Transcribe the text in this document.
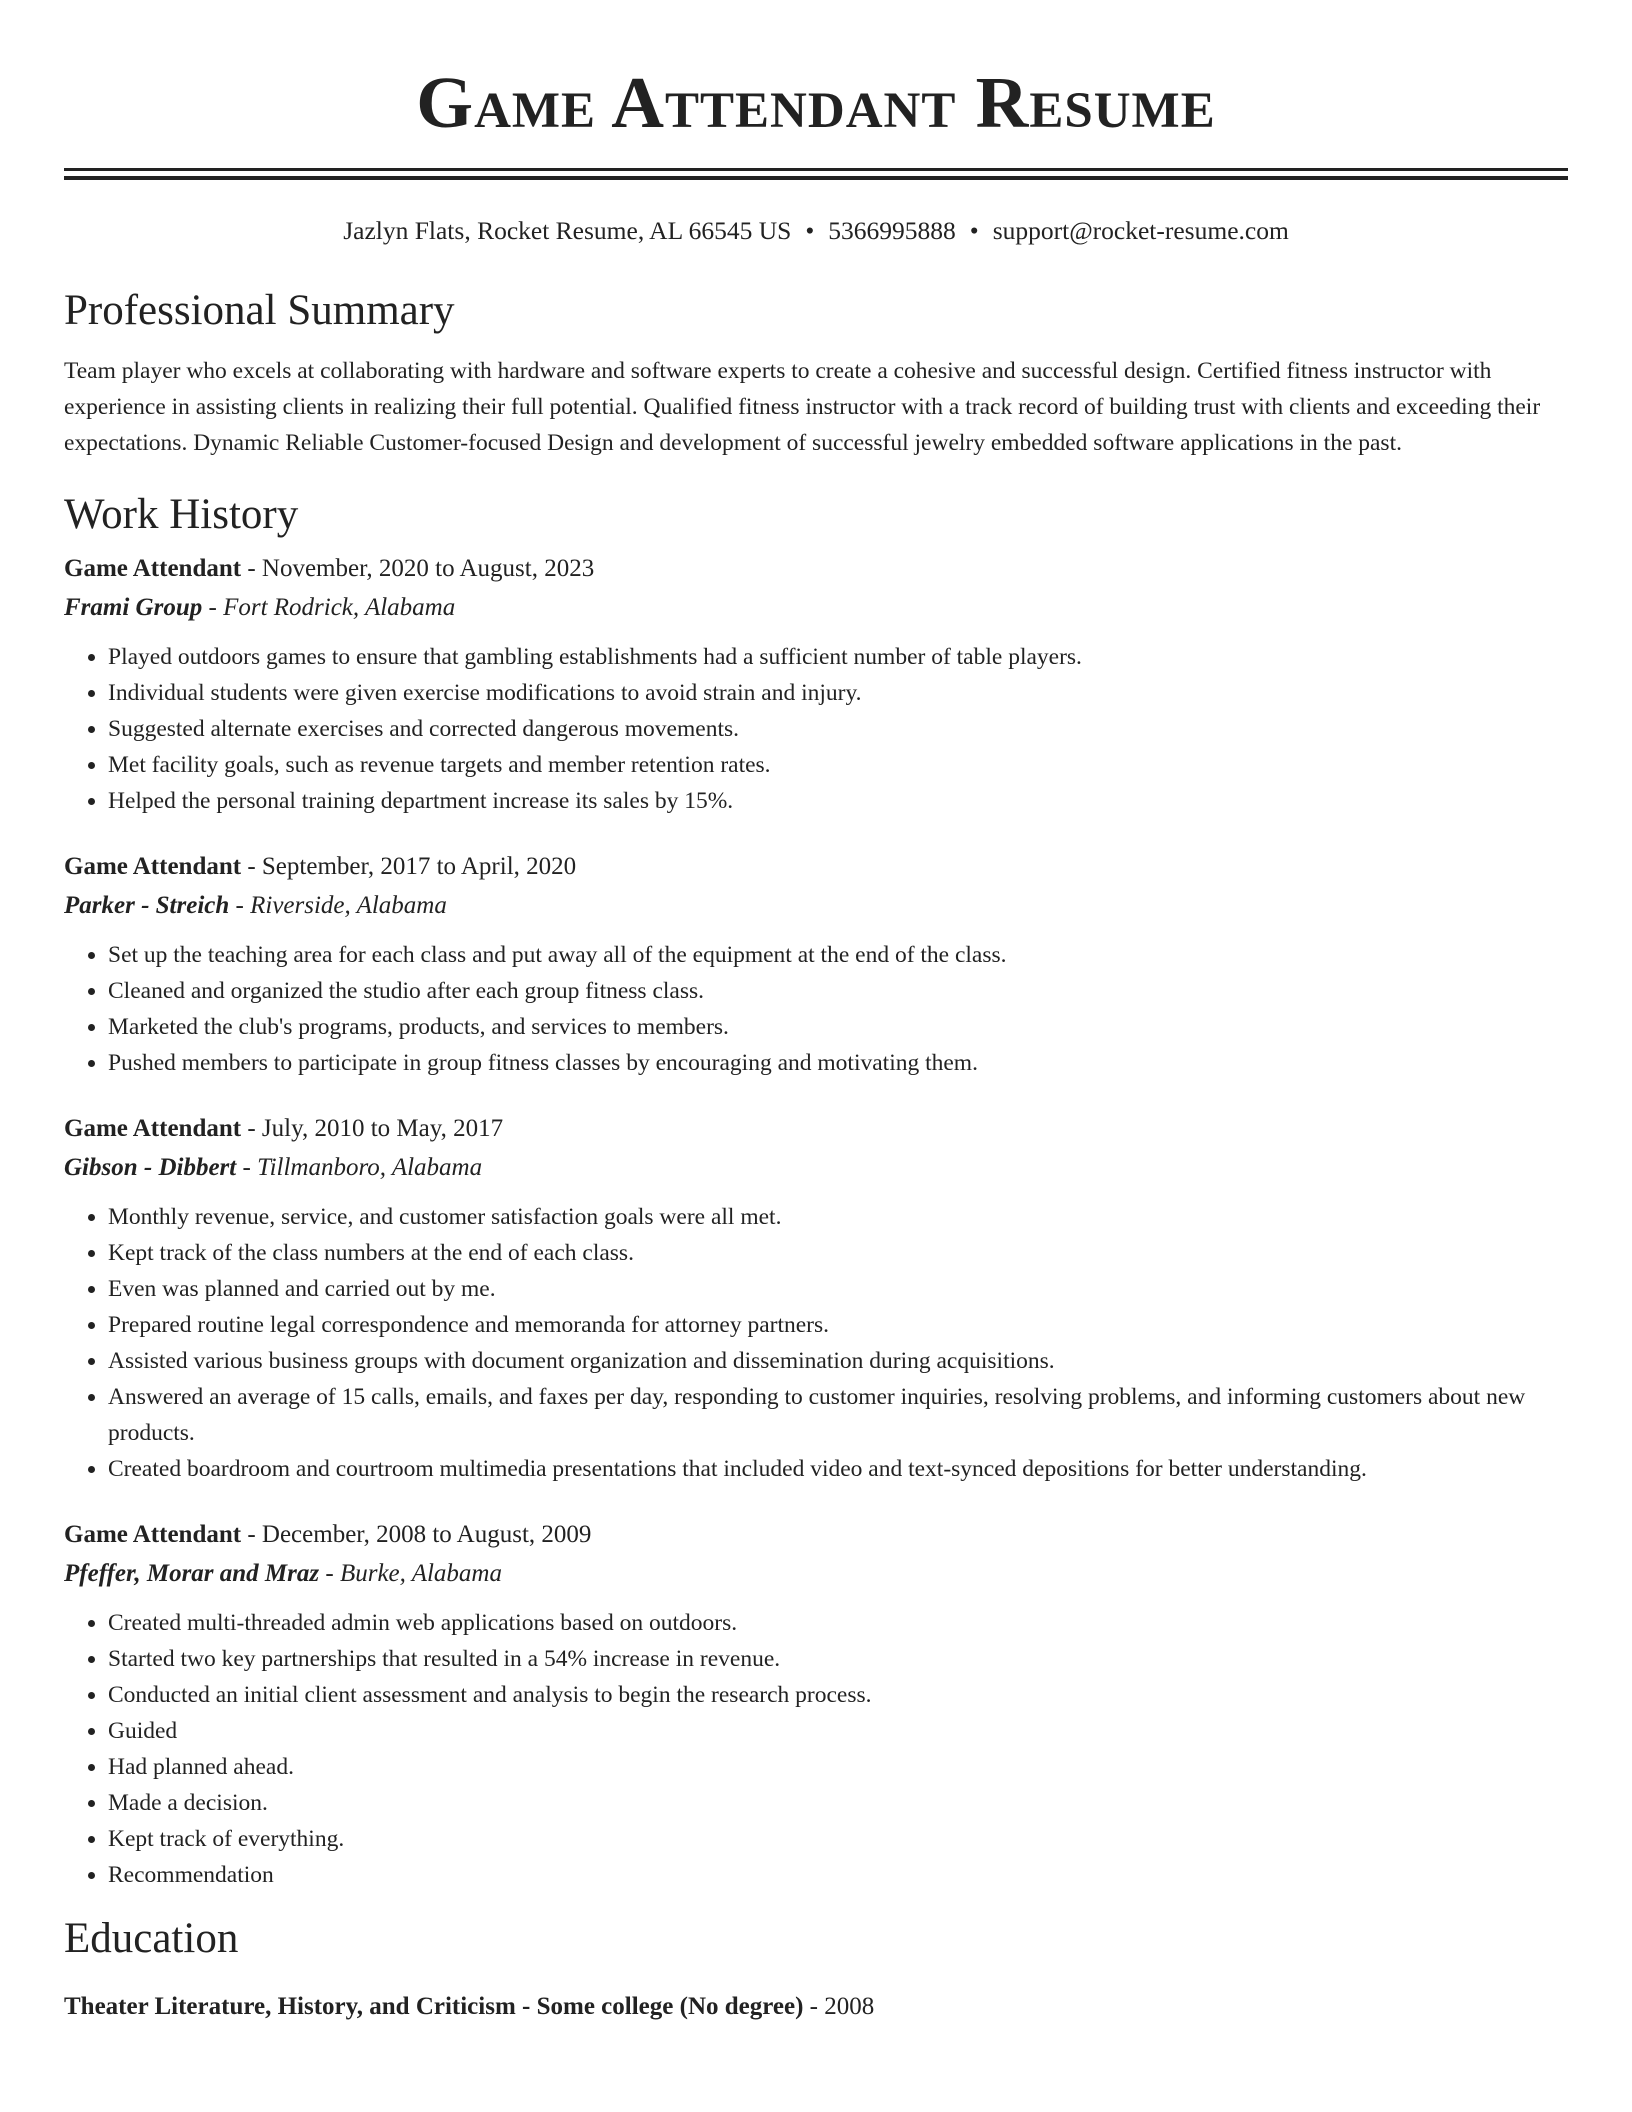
Game Attendant Resume
Jazlyn Flats, Rocket Resume, AL 66545 US • 5366995888 • support@rocket-resume.com
Professional Summary

Team player who excels at collaborating with hardware and software experts to create a cohesive and successful design. Certified fitness instructor with experience in assisting clients in realizing their full potential. Qualified fitness instructor with a track record of building trust with clients and exceeding their expectations. Dynamic Reliable Customer-focused Design and development of successful jewelry embedded software applications in the past.

Work History
Game Attendant - November, 2020 to August, 2023
Frami Group - Fort Rodrick, Alabama
• Played outdoors games to ensure that gambling establishments had a sufficient number of table players.
• Individual students were given exercise modifications to avoid strain and injury.
• Suggested alternate exercises and corrected dangerous movements.
• Met facility goals, such as revenue targets and member retention rates.
• Helped the personal training department increase its sales by 15%.
Game Attendant - September, 2017 to April, 2020
Parker - Streich - Riverside, Alabama
• Set up the teaching area for each class and put away all of the equipment at the end of the class.
• Cleaned and organized the studio after each group fitness class.
• Marketed the club's programs, products, and services to members.
• Pushed members to participate in group fitness classes by encouraging and motivating them.
Game Attendant - July, 2010 to May, 2017
Gibson - Dibbert - Tillmanboro, Alabama
• Monthly revenue, service, and customer satisfaction goals were all met.
• Kept track of the class numbers at the end of each class.
• Even was planned and carried out by me.
• Prepared routine legal correspondence and memoranda for attorney partners.
• Assisted various business groups with document organization and dissemination during acquisitions.
• Answered an average of 15 calls, emails, and faxes per day, responding to customer inquiries, resolving problems, and informing customers about new products.
• Created boardroom and courtroom multimedia presentations that included video and text-synced depositions for better understanding.
Game Attendant - December, 2008 to August, 2009
Pfeffer, Morar and Mraz - Burke, Alabama
• Created multi-threaded admin web applications based on outdoors.
• Started two key partnerships that resulted in a 54% increase in revenue.
• Conducted an initial client assessment and analysis to begin the research process.
• Guided
• Had planned ahead.
• Made a decision.
• Kept track of everything.
• Recommendation
Education
Theater Literature, History, and Criticism - Some college (No degree) - 2008
